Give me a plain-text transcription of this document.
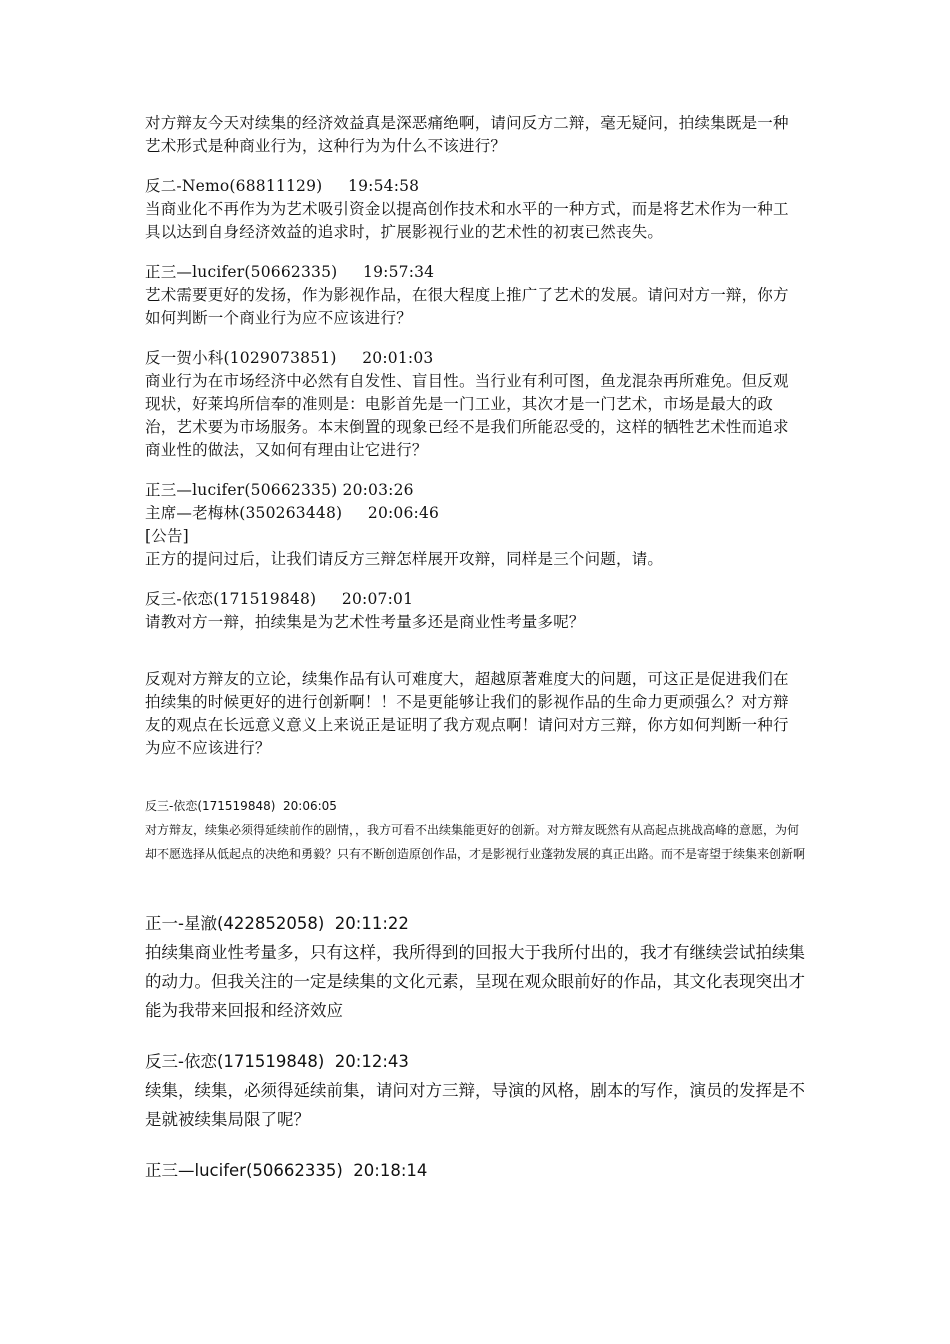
对方辩友今天对续集的经济效益真是深恶痛绝啊，请问反方二辩，毫无疑问，拍续集既是一种艺术形式是种商业行为，这种行为为什么不该进行？

反二-Nemo(68811129)     19:54:58

当商业化不再作为为艺术吸引资金以提高创作技术和水平的一种方式，而是将艺术作为一种工具以达到自身经济效益的追求时，扩展影视行业的艺术性的初衷已然丧失。

正三—lucifer(50662335)     19:57:34

艺术需要更好的发扬，作为影视作品，在很大程度上推广了艺术的发展。请问对方一辩，你方如何判断一个商业行为应不应该进行？

反一贺小科(1029073851)     20:01:03

商业行为在市场经济中必然有自发性、盲目性。当行业有利可图，鱼龙混杂再所难免。但反观现状，好莱坞所信奉的准则是：电影首先是一门工业，其次才是一门艺术，市场是最大的政治，艺术要为市场服务。本末倒置的现象已经不是我们所能忍受的，这样的牺牲艺术性而追求商业性的做法，又如何有理由让它进行？

正三—lucifer(50662335) 20:03:26

主席—老梅林(350263448)     20:06:46

[公告]

正方的提问过后，让我们请反方三辩怎样展开攻辩，同样是三个问题，请。

反三-依恋(171519848)     20:07:01

请教对方一辩，拍续集是为艺术性考量多还是商业性考量多呢？

反观对方辩友的立论，续集作品有认可难度大，超越原著难度大的问题，可这正是促进我们在拍续集的时候更好的进行创新啊！！不是更能够让我们的影视作品的生命力更顽强么？对方辩友的观点在长远意义意义上来说正是证明了我方观点啊！请问对方三辩，你方如何判断一种行为应不应该进行？

反三-依恋(171519848)  20:06:05

对方辩友，续集必须得延续前作的剧情，，我方可看不出续集能更好的创新。对方辩友既然有从高起点挑战高峰的意愿，为何却不愿选择从低起点的决绝和勇毅？只有不断创造原创作品，才是影视行业蓬勃发展的真正出路。而不是寄望于续集来创新啊

正一-星澈(422852058)  20:11:22

拍续集商业性考量多，只有这样，我所得到的回报大于我所付出的，我才有继续尝试拍续集的动力。但我关注的一定是续集的文化元素，呈现在观众眼前好的作品，其文化表现突出才能为我带来回报和经济效应

反三-依恋(171519848)  20:12:43

续集，续集，必须得延续前集，请问对方三辩，导演的风格，剧本的写作，演员的发挥是不是就被续集局限了呢？

正三—lucifer(50662335)  20:18:14
